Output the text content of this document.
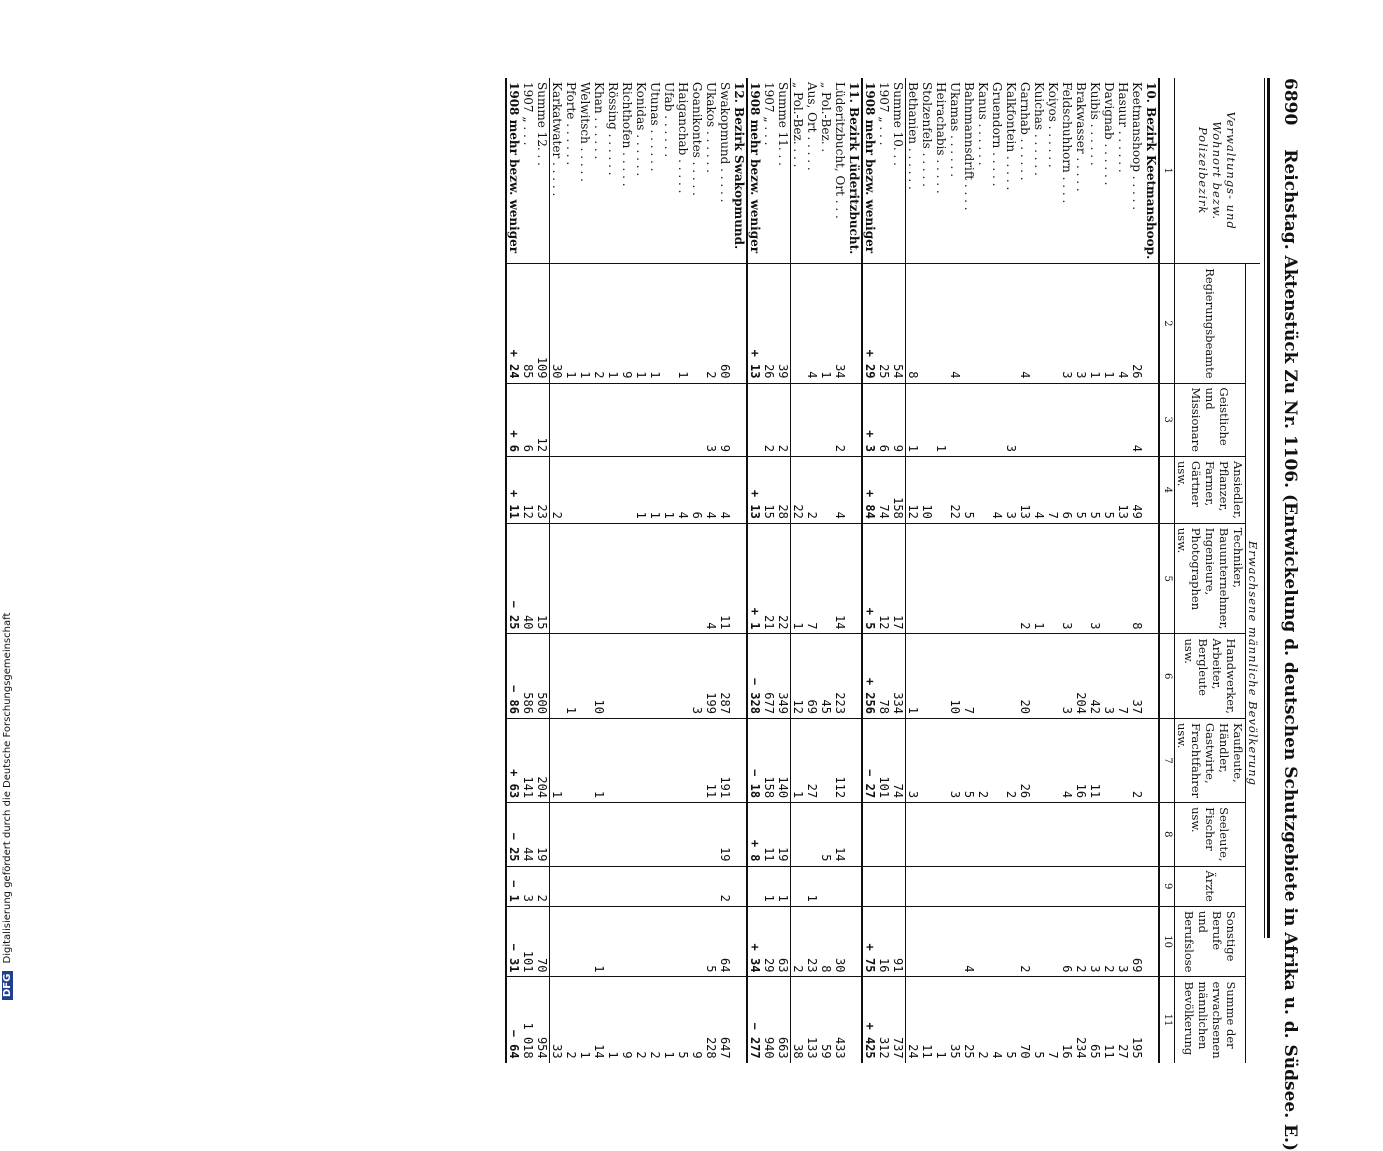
6890 Reichstag. Aktenstück Zu Nr. 1106. (Entwickelung d. deutschen Schutzgebiete in Afrika u. d. Südsee. E.)
Verwaltungs- und Wohnort bezw. Polizeibezirk	Erwachsene männliche Bevölkerung									
	Regierungsbeamte	Geistliche und Missionare	Ansiedler, Pflanzer, Farmer, Gärtner usw.	Techniker, Bauunternehmer, Ingenieure, Photographen usw.	Handwerker, Arbeiter, Bergleute usw.	Kaufleute, Händler, Gastwirte, Frachtfahrer usw.	Seeleute, Fischer usw.	Ärzte	Sonstige Berufe und Berufslose	Summe der erwachsenen männlichen Bevölkerung
1	2	3	4	5	6	7	8	9	10	11
10. Bezirk Keetmanshoop.										
Keetmanshoop . . . . .	26	4	49	8	37	2			69	195
Hasuur . . . . . .	4		13		7				3	27
Davignab . . . . . .	1		5		3				2	11
Kuibis . . . . . .	1		5	3	42	11			3	65
Brakwasser . . . . .	3		5		204	16			2	234
Feldschuhhorn . . . .	3		6	3	3	4			6	16
Koiyos . . . . . .			7							7
Kuichas . . . . . .			4	1						5
Garnhab . . . . . .	4		13	2	20	26			2	70
Kalkfontein . . . . .		3	3			2				5
Gruendorn . . . . .			4							4
Kanus . . . . . .						2				2
Bahnmannsdrift . . . .			5		7	5			4	25
Ukamas . . . . . .	4		22		10	3				35
Heirachabis . . . . .		1								1
Stolzenfels . . . . .			10							11
Bethanien . . . . . .	8	1	12		1	3				24
Summe 10. . .	54	9	158	17	334	74			91	737
1907 „ . . .	25	6	74	12	78	101			16	312
1908 mehr bezw. weniger	+ 29	+ 3	+ 84	+ 5	+ 256	− 27			+ 75	+ 425
11. Bezirk Lüderitzbucht.										
Lüderitzbucht, Ort . . .	34	2	4	14	223	112	14		30	433
„ Pol.-Bez. .	1				45		5		8	59
Aus, Ort . . . . .	4		2	7	69	27		1	23	133
„ Pol.-Bez. . . .			22	1	12	1			2	38
Summe 11. . .	39	2	28	22	349	140	19	1	63	663
1907 „ . . .	26	2	15	21	677	158	11	1	29	940
1908 mehr bezw. weniger	+ 13		+ 13	+ 1	− 328	− 18	+ 8		+ 34	− 277
12. Bezirk Swakopmund.										
Swakopmund . . . . .	60	9	4	11	287	191	19	2	64	647
Ukakos . . . . . .	2	3	4	4	199	11			5	228
Goanikontes . . . . .			6		3					9
Haiganchab . . . . .	1		4							5
Ufab . . . . . .			1							1
Utunas . . . . . .	1		1							2
Konidas . . . . . .	1		1							2
Richthofen . . . . .	9									9
Rössing . . . . . .	1									1
Khan . . . . . .	2				10	1			1	14
Welwitsch . . . . .	1									1
Pforte . . . . . .	1				1					2
Karkatwater . . . . .	30		2			1				33
Summe 12. . .	109	12	23	15	500	204	19	2	70	954
1907 „ . . .	85	6	12	40	586	141	44	3	101	1 018
1908 mehr bezw. weniger	+ 24	+ 6	+ 11	− 25	− 86	+ 63	− 25	− 1	− 31	− 64
DFG Digitalisierung gefördert durch die Deutsche Forschungsgemeinschaft
